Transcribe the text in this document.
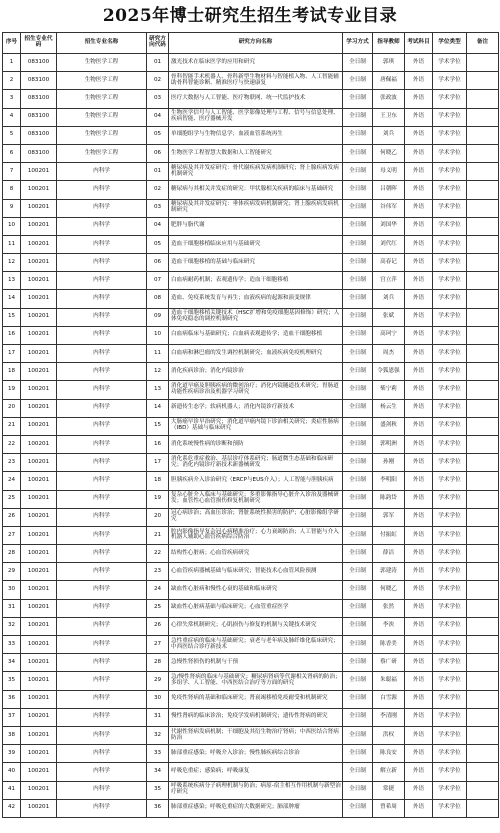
2025年博士研究生招生考试专业目录
序号	招生专业代码	招生专业名称	研究方向代码	研究方向名称	学习方式	指导教师	考试科目	学位类型	备注
1	083100	生物医学工程	01	激光技术在临床医学的应用和研究	全日制	郭琪	外语	学术学位	
2	083100	生物医学工程	02	骨科智能手术机器人、骨科新型生物材料与智能植入物、人工智能辅助骨科智能诊断、精准医疗与快速康复	全日制	唐佩福	外语	学术学位	
3	083100	生物医学工程	03	医疗大数据与人工智能、医疗物联网、统一代监护技术	全日制	张政波	外语	学术学位	
4	083100	生物医学工程	04	生物医学信号与人工智能、医学影像处理与工程、信号与信息处理、疾病智能、医疗器械开发	全日制	王卫东	外语	学术学位	
5	083100	生物医学工程	05	单细胞组学与生物信息学；血液血管系统再生	全日制	刘兵	外语	学术学位	
6	083100	生物医学工程	06	生物医学工程智慧大数据和人工智能研究	全日制	何晓乙	外语	学术学位	
7	100201	内科学	01	糖尿病及其并发症研究：骨代谢疾病发病机制研究；肾上腺疾病发病机制研究	全日制	母义明	外语	学术学位	
8	100201	内科学	02	糖尿病与其相关并发症的研究：甲状腺相关疾病的临床与基础研究	全日制	吕朝晖	外语	学术学位	
9	100201	内科学	03	糖尿病及其并发症研究：垂体疾病发病机制研究；肾上腺疾病发病机制研究	全日制	谷伟军	外语	学术学位	
10	100201	内科学	04	肥胖与脂代谢	全日制	刘国华	外语	学术学位	
11	100201	内科学	05	造血干细胞移植临床应用与基础研究	全日制	刘代红	外语	学术学位	
12	100201	内科学	06	造血干细胞移植的基础与临床研究	全日制	高春记	外语	学术学位	
13	100201	内科学	07	白血病耐药机制；表观遗传学；造血干细胞移植	全日制	宫立萍	外语	学术学位	
14	100201	内科学	08	造血、免疫系统发育与再生；血液疾病的起源和演变规律	全日制	刘兵	外语	学术学位	
15	100201	内科学	09	造血干细胞移植关键技术（HSC扩增和免疫细胞基因修饰）研究；人体免疫稳态的调控机制研究	全日制	张斌	外语	学术学位	
16	100201	内科学	10	白血病临床与基础研究；白血病表观遗传学；造血干细胞移植	全日制	高珂宁	外语	学术学位	
17	100201	内科学	11	白血病和淋巴瘤的发生调控机制研究；血液疾病免疫机理研究	全日制	周杰	外语	学术学位	
18	100201	内科学	12	消化疾病诊治；消化内镜诊治	全日制	令狐恩强	外语	学术学位	
19	100201	内科学	13	消化道早癌及胆胰疾病的微创治疗；消化内镜隧道技术研究；胃肠道功能性疾病诊治及机器学习研究	全日制	柴宁莉	外语	学术学位	
20	100201	内科学	14	新遗传生态学；软病机器人；消化内镜诊疗新技术	全日制	杨云生	外语	学术学位	
21	100201	内科学	15	大肠癌早诊早治研究；消化道早癌内镜下诊治相关研究；炎症性肠病（IBD）基础与临床研究	全日制	盛剑秋	外语	学术学位	
22	100201	内科学	16	消化系统慢性病的诊断和预防	全日制	郭明洲	外语	学术学位	
23	100201	内科学	17	消化系危重症救治、基层诊疗体系研究；肠道微生态基础和临床研究；消化内镜诊疗新技术新器械研发	全日制	孙刚	外语	学术学位	
24	100201	内科学	18	胆胰疾病介入诊治研究（ERCP与EUS介入）；人工智能与胆胰疾病	全日制	李明阳	外语	学术学位	
25	100201	内科学	19	复杂心脏介入临床与基础研究；多重影像指导心脏介入诊治及器械研发；血管性心血管损伤修复机制研究	全日制	陈韵岱	外语	学术学位	
26	100201	内科学	20	冠心病诊治；高血压诊治；肾脏系统性损害的防护；心脏影像组学研究	全日制	郭军	外语	学术学位	
27	100201	内科学	21	腔内影像指导复杂冠心病精准治疗；心力衰竭防治；人工智能与介入机器人辅助心血管疾病综合防治	全日制	付振虹	外语	学术学位	
28	100201	内科学	22	结构性心脏病；心血管疾病研究	全日制	薛洁	外语	学术学位	
29	100201	内科学	23	心血管疾病器械基础与临床研究；智能技术心血管风险预测	全日制	郭建涛	外语	学术学位	
30	100201	内科学	24	缺血性心脏病和慢性心衰的基础和临床研究	全日制	何晓乙	外语	学术学位	
31	100201	内科学	25	缺血性心脏病基础与临床研究；心血管重症医学	全日制	张然	外语	学术学位	
32	100201	内科学	26	心律失常机制研究；心肌损伤与修复的机制与关键技术研究	全日制	李泱	外语	学术学位	
33	100201	内科学	27	急性重症病的临床与基础研究；衰老与老年病及肺纤维化临床研究；中西医结合诊疗新技术	全日制	陈香美	外语	学术学位	
34	100201	内科学	28	急慢性肾损伤的机制与干预	全日制	蔡广研	外语	学术学位	
35	100201	内科学	29	急/慢性肾病的临床与基础研究；糖尿病肾病等代谢相关肾病的防治；多组学、人工智能、中西医结合治疗等方面的研究	全日制	朱聪福	外语	学术学位	
36	100201	内科学	30	免疫性肾病的基础和临床研究；肾衰竭移植免疫耐受和机制研究	全日制	白雪源	外语	学术学位	
37	100201	内科学	31	慢性肾病的临床诊治；免疫学发病机制研究；遗传性肾病的研究	全日制	李清刚	外语	学术学位	
38	100201	内科学	32	代谢性肾病发病机制；干细胞及其衍生物治疗肾病；中西医结合肾病防治	全日制	洪权	外语	学术学位	
39	100201	内科学	33	肺部重症感染；呼吸介入诊治；慢性肺疾病综合诊治	全日制	陈良安	外语	学术学位	
40	100201	内科学	34	呼吸危重症；感染病；呼吸康复	全日制	解立新	外语	学术学位	
41	100201	内科学	35	呼吸系统疾病分子病理机制与防治；病原-宿主相互作用机制与新型治疗研究	全日制	常捷	外语	学术学位	
42	100201	内科学	36	肺部重症感染；呼吸危重症的大数据研究；肺部肿瘤	全日制	曾希周	外语	学术学位	
